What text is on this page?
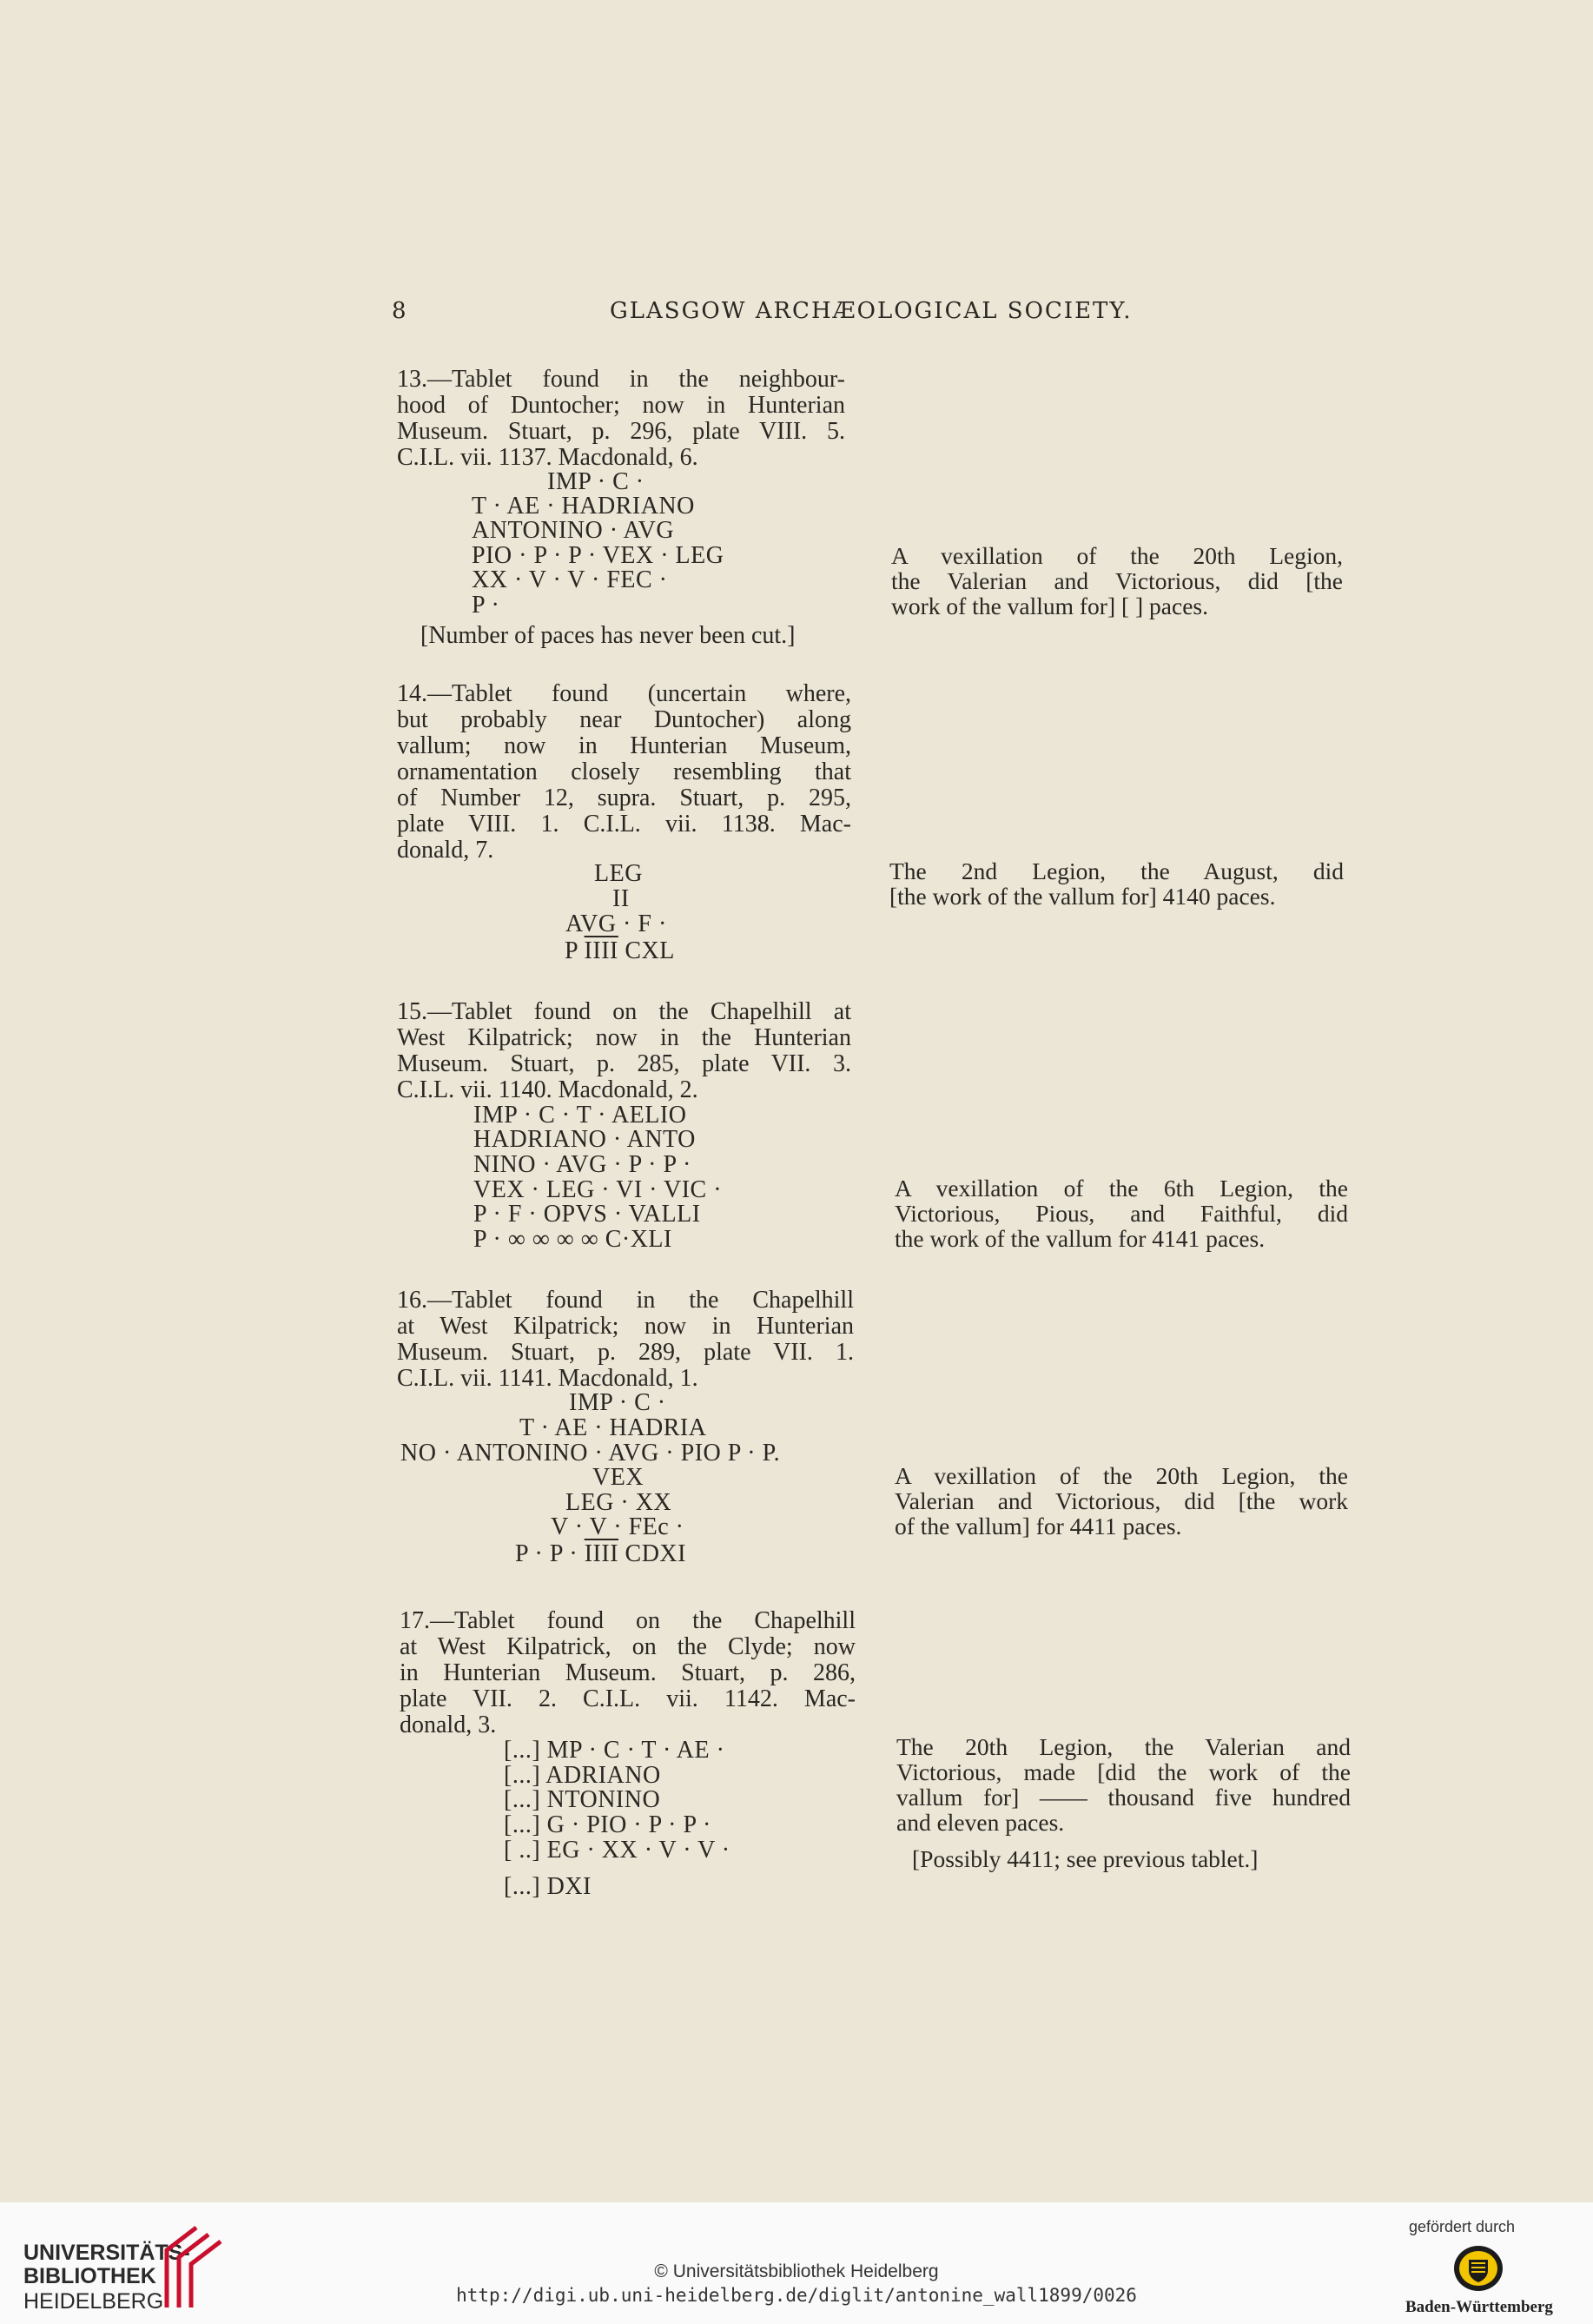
8	GLASGOW ARCHÆOLOGICAL SOCIETY.
13.—Tablet found in the neighbour-
hood of Duntocher; now in Hunterian
Museum. Stuart, p. 296, plate VIII. 5.
C.I.L. vii. 1137. Macdonald, 6.
IMP · C ·
T · AE · HADRIANO
ANTONINO · AVG
PIO · P · P · VEX · LEG
XX · V · V · FEC ·
P ·
[Number of paces has never been cut.]
A vexillation of the 20th Legion,
the Valerian and Victorious, did [the
work of the vallum for] [ ] paces.
14.—Tablet found (uncertain where,
but probably near Duntocher) along
vallum; now in Hunterian Museum,
ornamentation closely resembling that
of Number 12, supra. Stuart, p. 295,
plate VIII. 1. C.I.L. vii. 1138. Mac-
donald, 7.
LEG
II
AVG · F ·
P IIII CXL
The 2nd Legion, the August, did
[the work of the vallum for] 4140 paces.
15.—Tablet found on the Chapelhill at
West Kilpatrick; now in the Hunterian
Museum. Stuart, p. 285, plate VII. 3.
C.I.L. vii. 1140. Macdonald, 2.
IMP · C · T · AELIO
HADRIANO · ANTO
NINO · AVG · P · P ·
VEX · LEG · VI · VIC ·
P · F · OPVS · VALLI
P · ∞ ∞ ∞ ∞ C·XLI
A vexillation of the 6th Legion, the
Victorious, Pious, and Faithful, did
the work of the vallum for 4141 paces.
16.—Tablet found in the Chapelhill
at West Kilpatrick; now in Hunterian
Museum. Stuart, p. 289, plate VII. 1.
C.I.L. vii. 1141. Macdonald, 1.
IMP · C ·
T · AE · HADRIA
NO · ANTONINO · AVG · PIO P · P.
VEX
LEG · XX
V · V · FEc ·
P · P · IIII CDXI
A vexillation of the 20th Legion, the
Valerian and Victorious, did [the work
of the vallum] for 4411 paces.
17.—Tablet found on the Chapelhill
at West Kilpatrick, on the Clyde; now
in Hunterian Museum. Stuart, p. 286,
plate VII. 2. C.I.L. vii. 1142. Mac-
donald, 3.
[...] MP · C · T · AE ·
[...] ADRIANO
[...] NTONINO
[...] G · PIO · P · P ·
[ ..] EG · XX · V · V ·
[...] DXI
The 20th Legion, the Valerian and
Victorious, made [did the work of the
vallum for] —— thousand five hundred
and eleven paces.
[Possibly 4411; see previous tablet.]
UNIVERSITÄTS-
BIBLIOTHEK
HEIDELBERG
© Universitätsbibliothek Heidelberg
http://digi.ub.uni-heidelberg.de/diglit/antonine_wall1899/0026
gefördert durch
Baden-Württemberg
